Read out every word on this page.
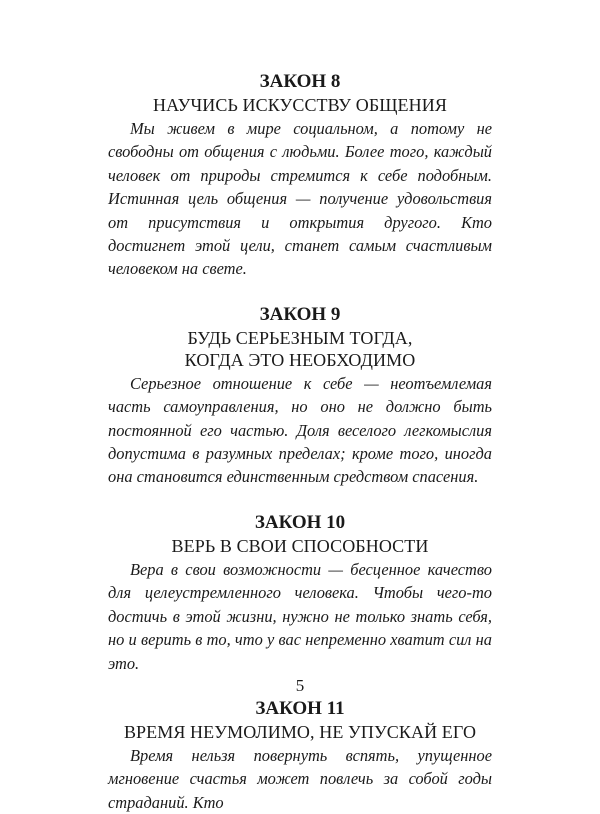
ЗАКОН 8

НАУЧИСЬ ИСКУССТВУ ОБЩЕНИЯ

Мы живем в мире социальном, а потому не свободны от общения с людьми. Более того, каждый человек от природы стремится к себе подобным. Истинная цель общения — получение удовольствия от присутствия и открытия другого. Кто достигнет этой цели, станет самым счастливым человеком на свете.

ЗАКОН 9

БУДЬ СЕРЬЕЗНЫМ ТОГДА,

КОГДА ЭТО НЕОБХОДИМО

Серьезное отношение к себе — неотъемлемая часть самоуправления, но оно не должно быть постоянной его частью. Доля веселого легкомыслия допустима в разумных пределах; кроме того, иногда она становится единственным средством спасения.

ЗАКОН 10

ВЕРЬ В СВОИ СПОСОБНОСТИ

Вера в свои возможности — бесценное качество для целеустремленного человека. Чтобы чего-то достичь в этой жизни, нужно не только знать себя, но и верить в то, что у вас непременно хватит сил на это.

ЗАКОН 11

ВРЕМЯ НЕУМОЛИМО, НЕ УПУСКАЙ ЕГО

Время нельзя повернуть вспять, упущенное мгновение счастья может повлечь за собой годы страданий. Кто

5
